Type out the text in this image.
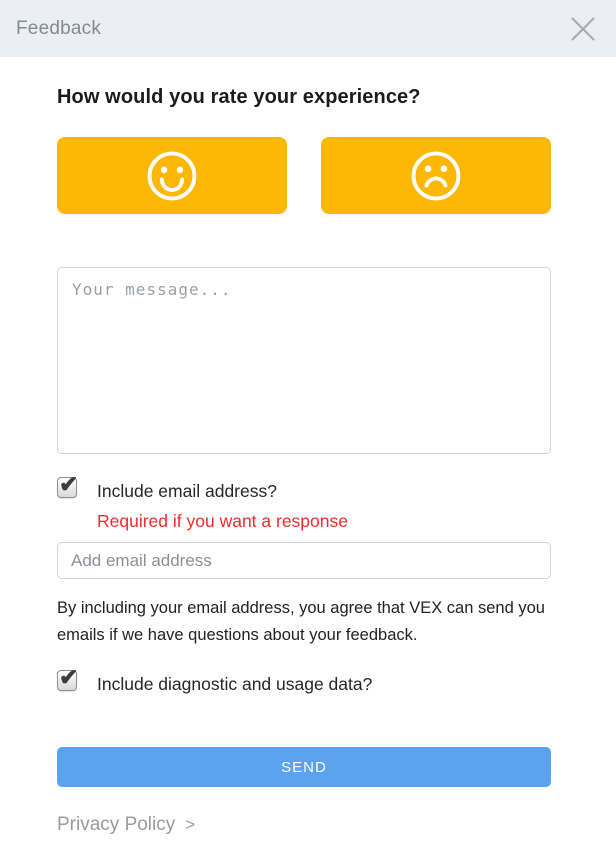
Feedback
How would you rate your experience?
Your message...
✔
Include email address?
Required if you want a response
Add email address
By including your email address, you agree that VEX can send you emails if we have questions about your feedback.
✔
Include diagnostic and usage data?
SEND
Privacy Policy >
